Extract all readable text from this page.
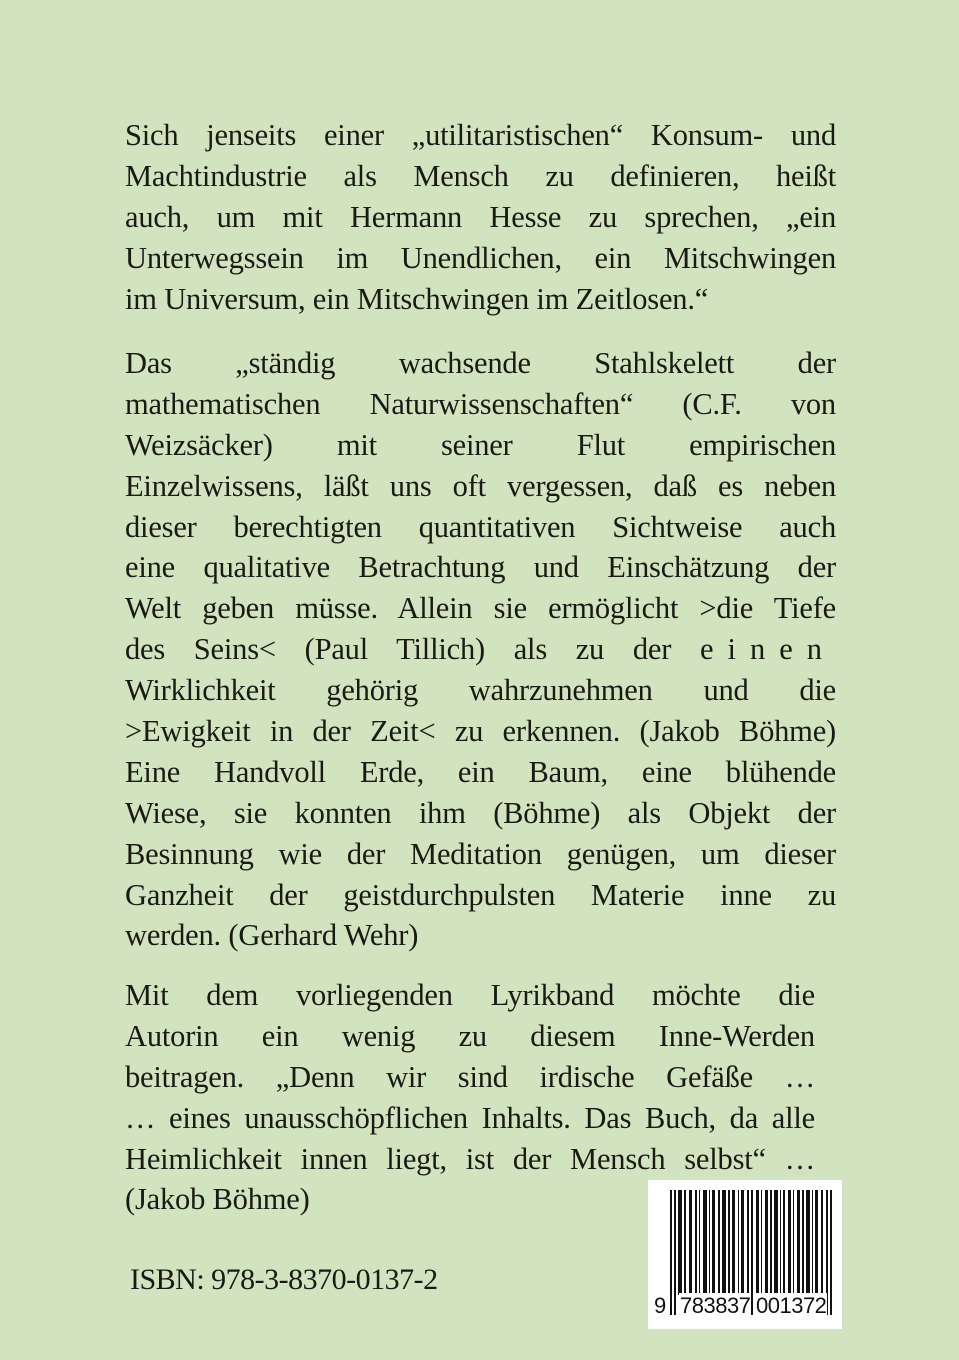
Sich jenseits einer „utilitaristischen“ Konsum- und
Machtindustrie als Mensch zu definieren, heißt
auch, um mit Hermann Hesse zu sprechen, „ein
Unterwegssein im Unendlichen, ein Mitschwingen
im Universum, ein Mitschwingen im Zeitlosen.“
Das „ständig wachsende Stahlskelett der
mathematischen Naturwissenschaften“ (C.F. von
Weizsäcker) mit seiner Flut empirischen
Einzelwissens, läßt uns oft vergessen, daß es neben
dieser berechtigten quantitativen Sichtweise auch
eine qualitative Betrachtung und Einschätzung der
Welt geben müsse. Allein sie ermöglicht >die Tiefe
des Seins< (Paul Tillich) als zu der einen
Wirklichkeit gehörig wahrzunehmen und die
>Ewigkeit in der Zeit< zu erkennen. (Jakob Böhme)
Eine Handvoll Erde, ein Baum, eine blühende
Wiese, sie konnten ihm (Böhme) als Objekt der
Besinnung wie der Meditation genügen, um dieser
Ganzheit der geistdurchpulsten Materie inne zu
werden. (Gerhard Wehr)
Mit dem vorliegenden Lyrikband möchte die
Autorin ein wenig zu diesem Inne-Werden
beitragen. „Denn wir sind irdische Gefäße …
… eines unausschöpflichen Inhalts. Das Buch, da alle
Heimlichkeit innen liegt, ist der Mensch selbst“ …
(Jakob Böhme)
ISBN: 978-3-8370-0137-2
9 783837 001372
